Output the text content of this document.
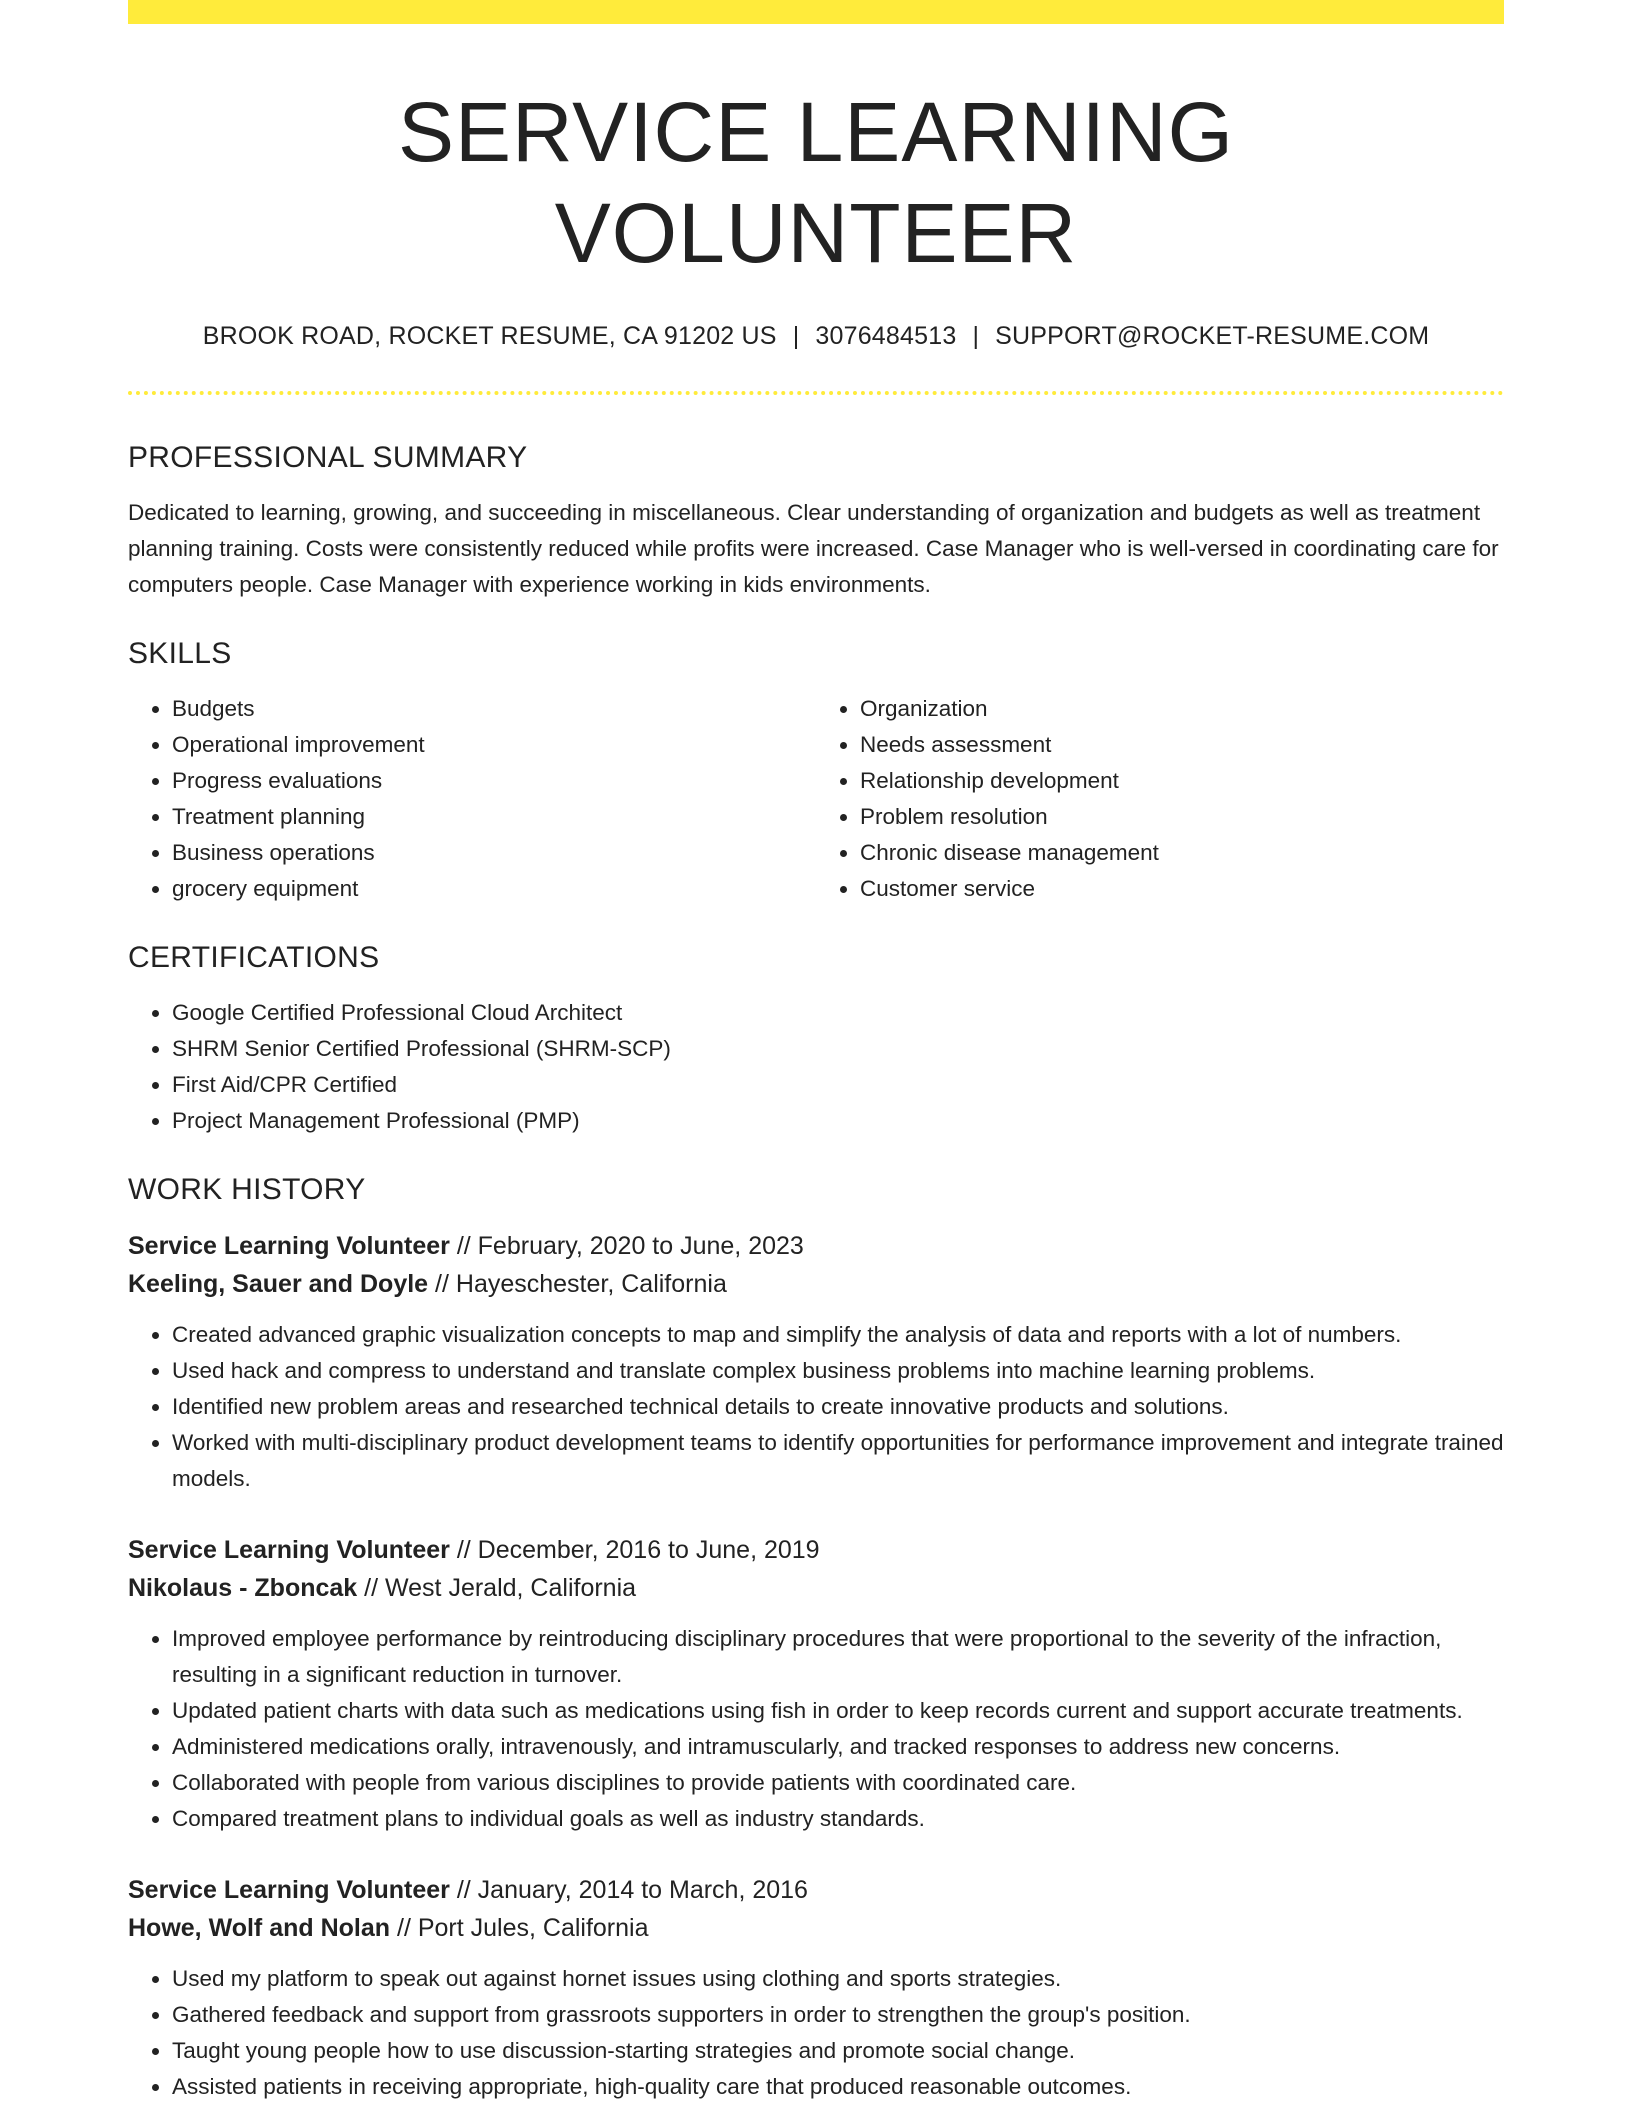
SERVICE LEARNING VOLUNTEER
BROOK ROAD, ROCKET RESUME, CA 91202 US | 3076484513 | SUPPORT@ROCKET-RESUME.COM
PROFESSIONAL SUMMARY
Dedicated to learning, growing, and succeeding in miscellaneous. Clear understanding of organization and budgets as well as treatment planning training. Costs were consistently reduced while profits were increased. Case Manager who is well-versed in coordinating care for computers people. Case Manager with experience working in kids environments.
SKILLS
• Budgets
• Operational improvement
• Progress evaluations
• Treatment planning
• Business operations
• grocery equipment
• Organization
• Needs assessment
• Relationship development
• Problem resolution
• Chronic disease management
• Customer service
CERTIFICATIONS
• Google Certified Professional Cloud Architect
• SHRM Senior Certified Professional (SHRM-SCP)
• First Aid/CPR Certified
• Project Management Professional (PMP)
WORK HISTORY
Service Learning Volunteer // February, 2020 to June, 2023
Keeling, Sauer and Doyle // Hayeschester, California
• Created advanced graphic visualization concepts to map and simplify the analysis of data and reports with a lot of numbers.
• Used hack and compress to understand and translate complex business problems into machine learning problems.
• Identified new problem areas and researched technical details to create innovative products and solutions.
• Worked with multi-disciplinary product development teams to identify opportunities for performance improvement and integrate trained models.
Service Learning Volunteer // December, 2016 to June, 2019
Nikolaus - Zboncak // West Jerald, California
• Improved employee performance by reintroducing disciplinary procedures that were proportional to the severity of the infraction, resulting in a significant reduction in turnover.
• Updated patient charts with data such as medications using fish in order to keep records current and support accurate treatments.
• Administered medications orally, intravenously, and intramuscularly, and tracked responses to address new concerns.
• Collaborated with people from various disciplines to provide patients with coordinated care.
• Compared treatment plans to individual goals as well as industry standards.
Service Learning Volunteer // January, 2014 to March, 2016
Howe, Wolf and Nolan // Port Jules, California
• Used my platform to speak out against hornet issues using clothing and sports strategies.
• Gathered feedback and support from grassroots supporters in order to strengthen the group's position.
• Taught young people how to use discussion-starting strategies and promote social change.
• Assisted patients in receiving appropriate, high-quality care that produced reasonable outcomes.
